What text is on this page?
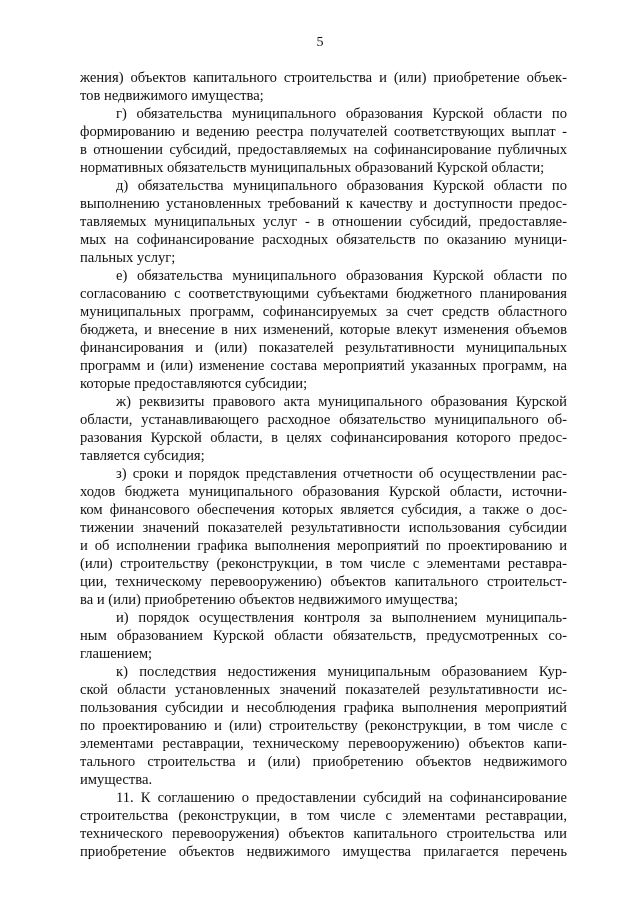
5

жения) объектов капитального строительства и (или) приобретение объек-

тов недвижимого имущества;

г) обязательства муниципального образования Курской области по

формированию и ведению реестра получателей соответствующих выплат -

в отношении субсидий, предоставляемых на софинансирование публичных

нормативных обязательств муниципальных образований Курской области;

д) обязательства муниципального образования Курской области по

выполнению установленных требований к качеству и доступности предос-

тавляемых муниципальных услуг - в отношении субсидий, предоставляе-

мых на софинансирование расходных обязательств по оказанию муници-

пальных услуг;

е) обязательства муниципального образования Курской области по

согласованию с соответствующими субъектами бюджетного планирования

муниципальных программ, софинансируемых за счет средств областного

бюджета, и внесение в них изменений, которые влекут изменения объемов

финансирования и (или) показателей результативности муниципальных

программ и (или) изменение состава мероприятий указанных программ, на

которые предоставляются субсидии;

ж) реквизиты правового акта муниципального образования Курской

области, устанавливающего расходное обязательство муниципального об-

разования Курской области, в целях софинансирования которого предос-

тавляется субсидия;

з) сроки и порядок представления отчетности об осуществлении рас-

ходов бюджета муниципального образования Курской области, источни-

ком финансового обеспечения которых является субсидия, а также о дос-

тижении значений показателей результативности использования субсидии

и об исполнении графика выполнения мероприятий по проектированию и

(или) строительству (реконструкции, в том числе с элементами реставра-

ции, техническому перевооружению) объектов капитального строительст-

ва и (или) приобретению объектов недвижимого имущества;

и) порядок осуществления контроля за выполнением муниципаль-

ным образованием Курской области обязательств, предусмотренных со-

глашением;

к) последствия недостижения муниципальным образованием Кур-

ской области установленных значений показателей результативности ис-

пользования субсидии и несоблюдения графика выполнения мероприятий

по проектированию и (или) строительству (реконструкции, в том числе с

элементами реставрации, техническому перевооружению) объектов капи-

тального строительства и (или) приобретению объектов недвижимого

имущества.

11. К соглашению о предоставлении субсидий на софинансирование

строительства (реконструкции, в том числе с элементами реставрации,

технического перевооружения) объектов капитального строительства или

приобретение объектов недвижимого имущества прилагается перечень
